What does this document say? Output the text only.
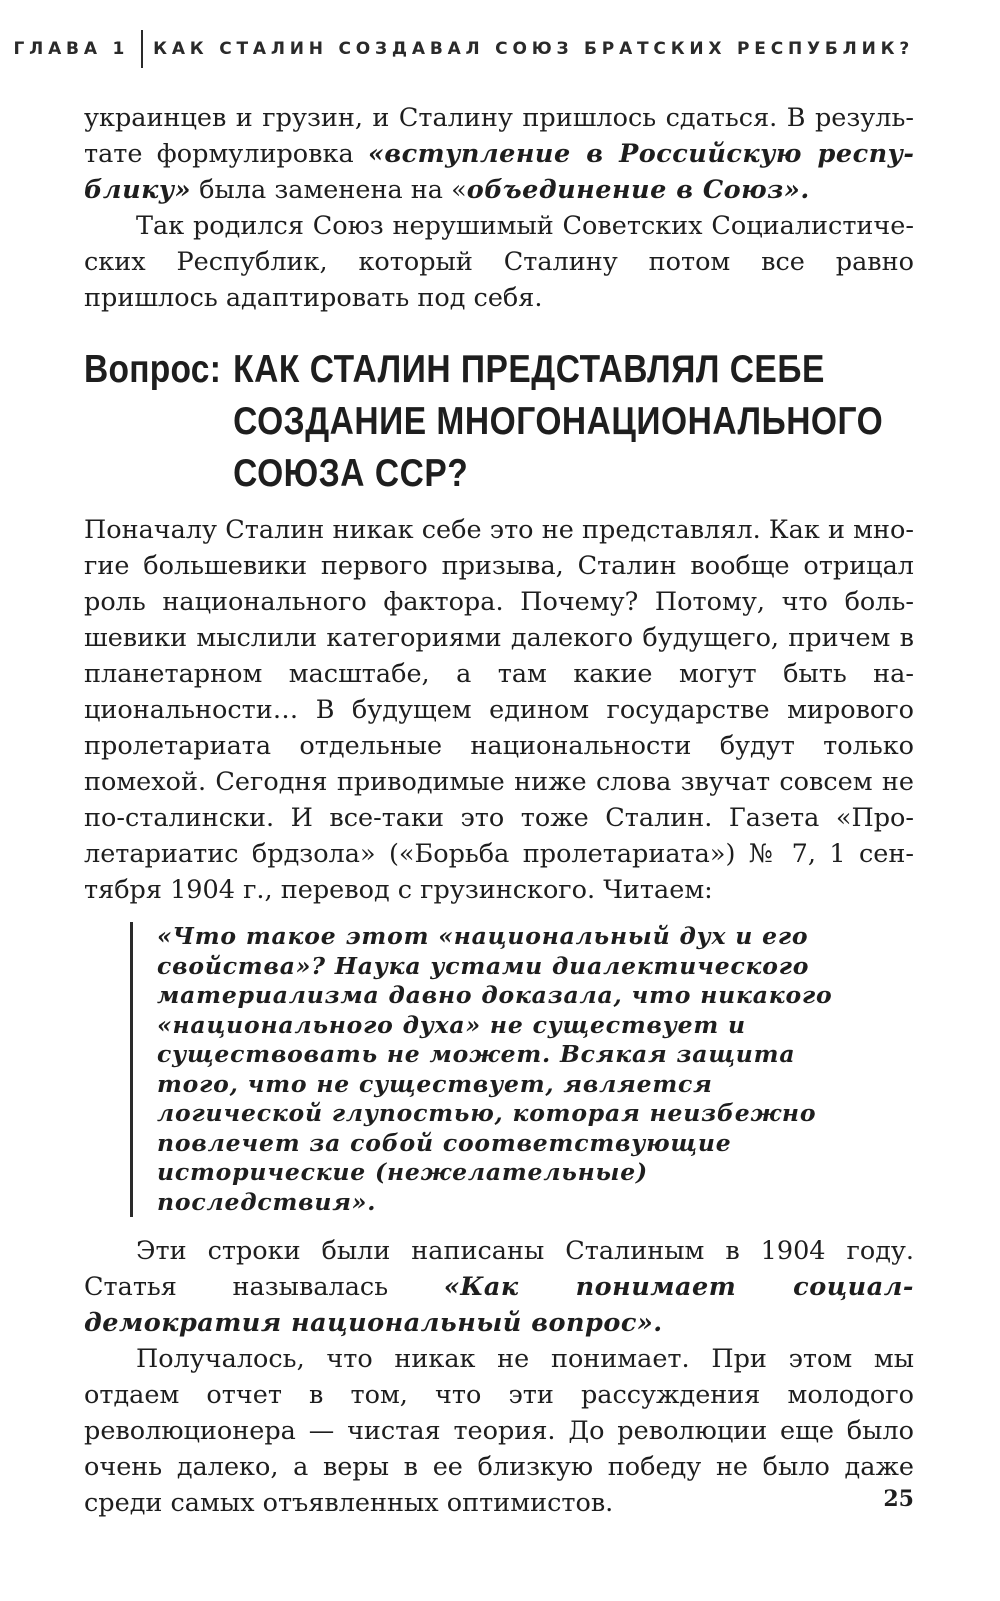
ГЛАВА 1 КАК СТАЛИН СОЗДАВАЛ СОЮЗ БРАТСКИХ РЕСПУБЛИК?

украинцев и грузин, и Сталину пришлось сдаться. В результате формулировка «вступление в Российскую республику» была заменена на «объединение в Союз».

Так родился Союз нерушимый Советских Социалистических Республик, который Сталину потом все равно пришлось адаптировать под себя.

Вопрос: КАК СТАЛИН ПРЕДСТАВЛЯЛ СЕБЕ СОЗДАНИЕ МНОГОНАЦИОНАЛЬНОГО СОЮЗА ССР?

Поначалу Сталин никак себе это не представлял. Как и многие большевики первого призыва, Сталин вообще отрицал роль национального фактора. Почему? Потому, что большевики мыслили категориями далекого будущего, причем в планетарном масштабе, а там какие могут быть национальности… В будущем едином государстве мирового пролетариата отдельные национальности будут только помехой. Сегодня приводимые ниже слова звучат совсем не по-сталински. И все-таки это тоже Сталин. Газета «Пролетариатис брдзола» («Борьба пролетариата») № 7, 1 сентября 1904 г., перевод с грузинского. Читаем:

«Что такое этот «национальный дух и его свойства»? Наука устами диалектического материализма давно доказала, что никакого «национального духа» не существует и существовать не может. Всякая защита того, что не существует, является логической глупостью, которая неизбежно повлечет за собой соответствующие исторические (нежелательные) последствия».

Эти строки были написаны Сталиным в 1904 году. Статья называлась «Как понимает социал-демократия национальный вопрос».

Получалось, что никак не понимает. При этом мы отдаем отчет в том, что эти рассуждения молодого революционера — чистая теория. До революции еще было очень далеко, а веры в ее близкую победу не было даже среди самых отъявленных оптимистов.	25
